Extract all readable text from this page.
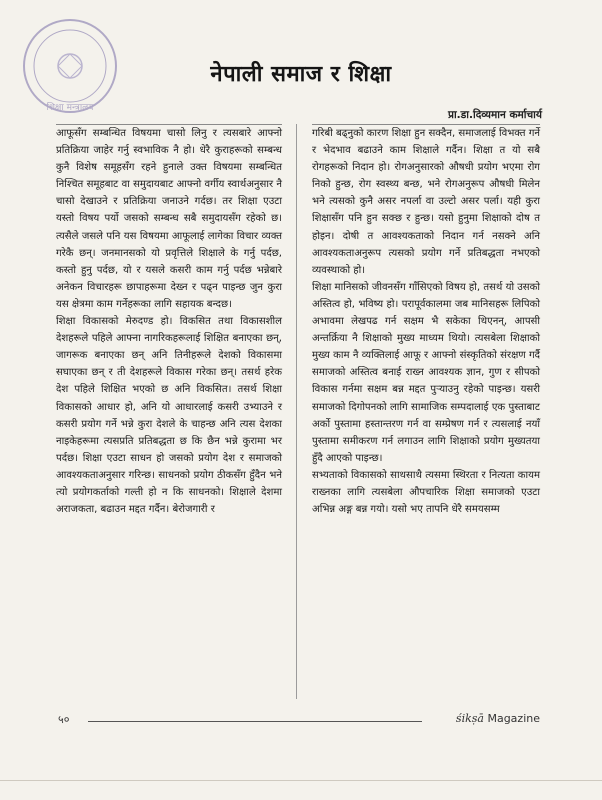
शिक्षा मन्त्रालय
नेपाली समाज र शिक्षा
प्रा.डा.दिव्यमान कर्माचार्य

आफूसँग सम्बन्धित विषयमा चासो लिनु र त्यसबारे आफ्नो प्रतिक्रिया जाहेर गर्नु स्वभाविक नै हो। धेरै कुराहरूको सम्बन्ध कुनै विशेष समूहसँग रहने हुनाले उक्त विषयमा सम्बन्धित निश्चित समूहबाट वा समुदायबाट आफ्नो वर्गीय स्वार्थअनुसार नै चासो देखाउने र प्रतिक्रिया जनाउने गर्दछ। तर शिक्षा एउटा यस्तो विषय पर्यो जसको सम्बन्ध सबै समुदायसँग रहेको छ। त्यसैले जसले पनि यस विषयमा आफूलाई लागेका विचार व्यक्त गरेकै छन्। जनमानसको यो प्रवृत्तिले शिक्षाले के गर्नु पर्दछ, कस्तो हुनु पर्दछ, यो र यसले कसरी काम गर्नु पर्दछ भन्नेबारे अनेकन विचारहरू छापाहरूमा देख्न र पढ्न पाइन्छ जुन कुरा यस क्षेत्रमा काम गर्नेहरूका लागि सहायक बन्दछ।

शिक्षा विकासको मेरुदण्ड हो। विकसित तथा विकासशील देशहरूले पहिले आफ्ना नागरिकहरूलाई शिक्षित बनाएका छन्, जागरूक बनाएका छन् अनि तिनीहरूले देशको विकासमा सघाएका छन् र ती देशहरूले विकास गरेका छन्। तसर्थ हरेक देश पहिले शिक्षित भएको छ अनि विकसित। तसर्थ शिक्षा विकासको आधार हो, अनि यो आधारलाई कसरी उभ्याउने र कसरी प्रयोग गर्ने भन्ने कुरा देशले के चाहन्छ अनि त्यस देशका नाइकेहरूमा त्यसप्रति प्रतिबद्धता छ कि छैन भन्ने कुरामा भर पर्दछ। शिक्षा एउटा साधन हो जसको प्रयोग देश र समाजको आवश्यकताअनुसार गरिन्छ। साधनको प्रयोग ठीकसँग हुँदैन भने त्यो प्रयोगकर्ताको गल्ती हो न कि साधनको। शिक्षाले देशमा अराजकता, बढाउन मद्दत गर्दैन। बेरोजगारी र

गरिबी बढ्नुको कारण शिक्षा हुन सक्दैन, समाजलाई विभक्त गर्ने र भेदभाव बढाउने काम शिक्षाले गर्दैन। शिक्षा त यो सबै रोगहरूको निदान हो। रोगअनुसारको औषधी प्रयोग भएमा रोग निको हुन्छ, रोग स्वस्थ्य बन्छ, भने रोगअनुरूप औषधी मिलेन भने त्यसको कुनै असर नपर्ला वा उल्टो असर पर्ला। यही कुरा शिक्षासँग पनि हुन सक्छ र हुन्छ। यसो हुनुमा शिक्षाको दोष त होइन। दोषी त आवश्यकताको निदान गर्न नसक्ने अनि आवश्यकताअनुरूप त्यसको प्रयोग गर्ने प्रतिबद्धता नभएको व्यवस्थाको हो।

शिक्षा मानिसको जीवनसँग गाँसिएको विषय हो, तसर्थ यो उसको अस्तित्व हो, भविष्य हो। परापूर्वकालमा जब मानिसहरू लिपिको अभावमा लेखपढ गर्न सक्षम भै सकेका थिएनन्, आपसी अन्तर्क्रिया नै शिक्षाको मुख्य माध्यम थियो। त्यसबेला शिक्षाको मुख्य काम नै व्यक्तिलाई आफू र आफ्नो संस्कृतिको संरक्षण गर्दै समाजको अस्तित्व बनाई राख्न आवश्यक ज्ञान, गुण र सीपको विकास गर्नमा सक्षम बन्न मद्दत पुऱ्याउनु रहेको पाइन्छ। यसरी समाजको दिगोपनको लागि सामाजिक सम्पदालाई एक पुस्ताबाट अर्को पुस्तामा हस्तान्तरण गर्न वा सम्प्रेषण गर्न र त्यसलाई नयाँ पुस्तामा समीकरण गर्न लगाउन लागि शिक्षाको प्रयोग मुख्यतया हुँदै आएको पाइन्छ।

सभ्यताको विकासको साथसाथै त्यसमा स्थिरता र नित्यता कायम राख्नका लागि त्यसबेला औपचारिक शिक्षा समाजको एउटा अभिन्न अङ्ग बन्न गयो। यसो भए तापनि धेरै समयसम्म

५०	śikṣā Magazine
